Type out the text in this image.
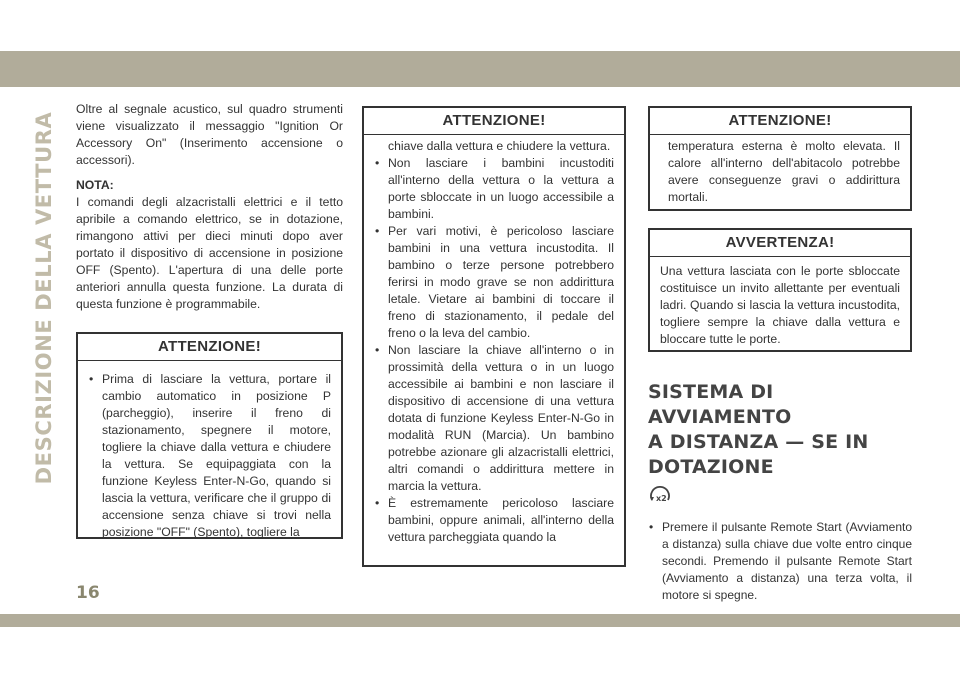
DESCRIZIONE DELLA VETTURA

Oltre al segnale acustico, sul quadro strumenti viene visualizzato il messaggio "Ignition Or Accessory On" (Inserimento accensione o accessori).

NOTA:

I comandi degli alzacristalli elettrici e il tetto apribile a comando elettrico, se in dotazione, rimangono attivi per dieci minuti dopo aver portato il dispositivo di accensione in posizione OFF (Spento). L'apertura di una delle porte anteriori annulla questa funzione. La durata di questa funzione è programmabile.

ATTENZIONE!
• Prima di lasciare la vettura, portare il cambio automatico in posizione P (parcheggio), inserire il freno di stazionamento, spegnere il motore, togliere la chiave dalla vettura e chiudere la vettura. Se equipaggiata con la funzione Keyless Enter-N-Go, quando si lascia la vettura, verificare che il gruppo di accensione senza chiave si trovi nella posizione "OFF" (Spento), togliere la
ATTENZIONE!
chiave dalla vettura e chiudere la vettura.
• Non lasciare i bambini incustoditi all'interno della vettura o la vettura a porte sbloccate in un luogo accessibile a bambini.
• Per vari motivi, è pericoloso lasciare bambini in una vettura incustodita. Il bambino o terze persone potrebbero ferirsi in modo grave se non addirittura letale. Vietare ai bambini di toccare il freno di stazionamento, il pedale del freno o la leva del cambio.
• Non lasciare la chiave all'interno o in prossimità della vettura o in un luogo accessibile ai bambini e non lasciare il dispositivo di accensione di una vettura dotata di funzione Keyless Enter-N-Go in modalità RUN (Marcia). Un bambino potrebbe azionare gli alzacristalli elettrici, altri comandi o addirittura mettere in marcia la vettura.
• È estremamente pericoloso lasciare bambini, oppure animali, all'interno della vettura parcheggiata quando la
ATTENZIONE!

temperatura esterna è molto elevata. Il calore all'interno dell'abitacolo potrebbe avere conseguenze gravi o addirittura mortali.

AVVERTENZA!

Una vettura lasciata con le porte sbloccate costituisce un invito allettante per eventuali ladri. Quando si lascia la vettura incustodita, togliere sempre la chiave dalla vettura e bloccare tutte le porte.

SISTEMA DI AVVIAMENTO

A DISTANZA — SE IN

DOTAZIONE

x2
• Premere il pulsante Remote Start (Avviamento a distanza) sulla chiave due volte entro cinque secondi. Premendo il pulsante Remote Start (Avviamento a distanza) una terza volta, il motore si spegne.
16
